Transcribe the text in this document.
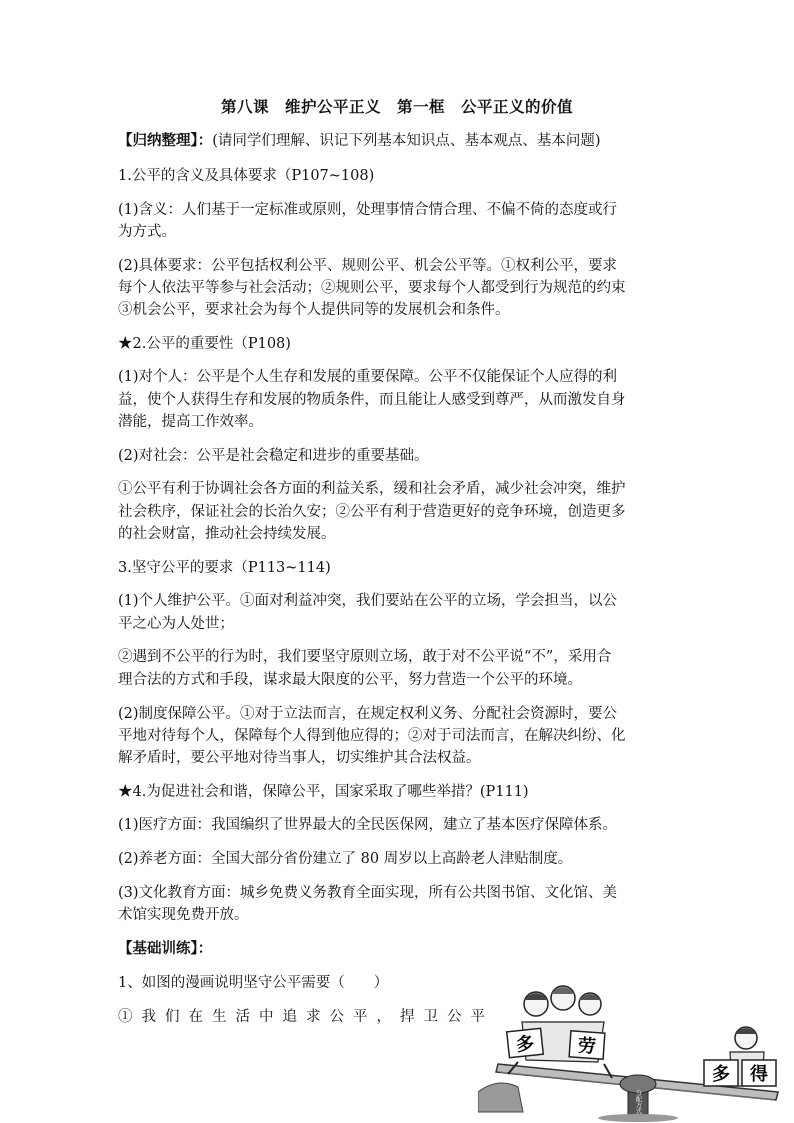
第八课　维护公平正义　第一框　公平正义的价值
【归纳整理】：(请同学们理解、识记下列基本知识点、基本观点、基本问题)
1.公平的含义及具体要求（P107~108)
(1)含义：人们基于一定标准或原则，处理事情合情合理、不偏不倚的态度或行
为方式。
(2)具体要求：公平包括权利公平、规则公平、机会公平等。①权利公平，要求
每个人依法平等参与社会活动；②规则公平，要求每个人都受到行为规范的约束
③机会公平，要求社会为每个人提供同等的发展机会和条件。
★2.公平的重要性（P108)
(1)对个人：公平是个人生存和发展的重要保障。公平不仅能保证个人应得的利
益，使个人获得生存和发展的物质条件，而且能让人感受到尊严，从而激发自身
潜能，提高工作效率。
(2)对社会：公平是社会稳定和进步的重要基础。
①公平有利于协调社会各方面的利益关系，缓和社会矛盾，减少社会冲突，维护
社会秩序，保证社会的长治久安；②公平有利于营造更好的竞争环境，创造更多
的社会财富，推动社会持续发展。
3.坚守公平的要求（P113~114)
(1)个人维护公平。①面对利益冲突，我们要站在公平的立场，学会担当，以公
平之心为人处世；
②遇到不公平的行为时，我们要坚守原则立场，敢于对不公平说“不”，采用合
理合法的方式和手段，谋求最大限度的公平，努力营造一个公平的环境。
(2)制度保障公平。①对于立法而言，在规定权利义务、分配社会资源时，要公
平地对待每个人，保障每个人得到他应得的；②对于司法而言，在解决纠纷、化
解矛盾时，要公平地对待当事人，切实维护其合法权益。
★4.为促进社会和谐，保障公平，国家采取了哪些举措？(P111)
(1)医疗方面：我国编织了世界最大的全民医保网，建立了基本医疗保障体系。
(2)养老方面：全国大部分省份建立了 80 周岁以上高龄老人津贴制度。
(3)文化教育方面：城乡免费义务教育全面实现，所有公共图书馆、文化馆、美
术馆实现免费开放。
【基础训练】：
1、如图的漫画说明坚守公平需要（　　）
①我们在生活中追求公平，捍卫公平
分配方式
多 劳
多 得
